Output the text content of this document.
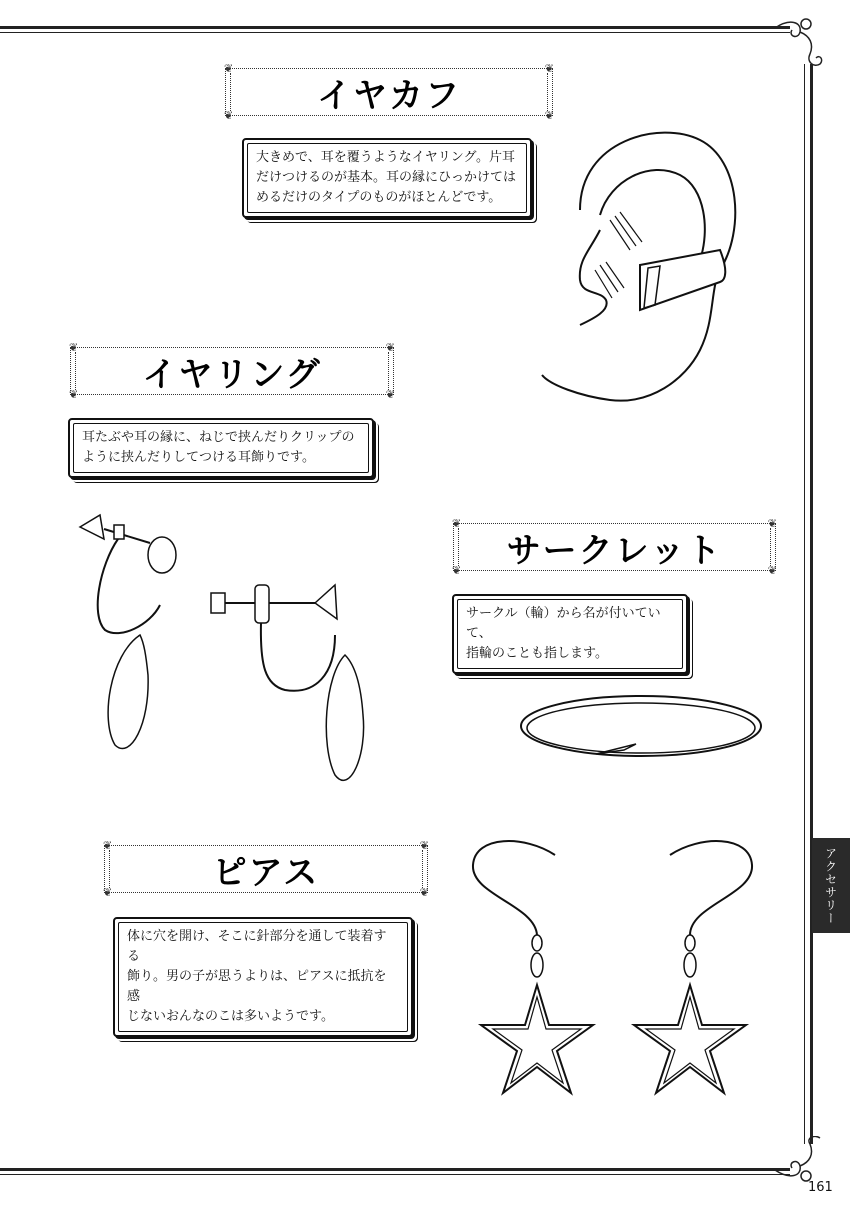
❦	❦
❦	❦
イヤカフ
大きめで、耳を覆うようなイヤリング。片耳
だけつけるのが基本。耳の縁にひっかけては
めるだけのタイプのものがほとんどです。
❦	❦
❦	❦
イヤリング
耳たぶや耳の縁に、ねじで挟んだりクリップの
ように挟んだりしてつける耳飾りです。
❦	❦
❦	❦
サークレット
サークル（輪）から名が付いていて、
指輪のことも指します。
❦	❦
❦	❦
ピアス
体に穴を開け、そこに針部分を通して装着する
飾り。男の子が思うよりは、ピアスに抵抗を感
じないおんなのこは多いようです。
アクセサリー
161
